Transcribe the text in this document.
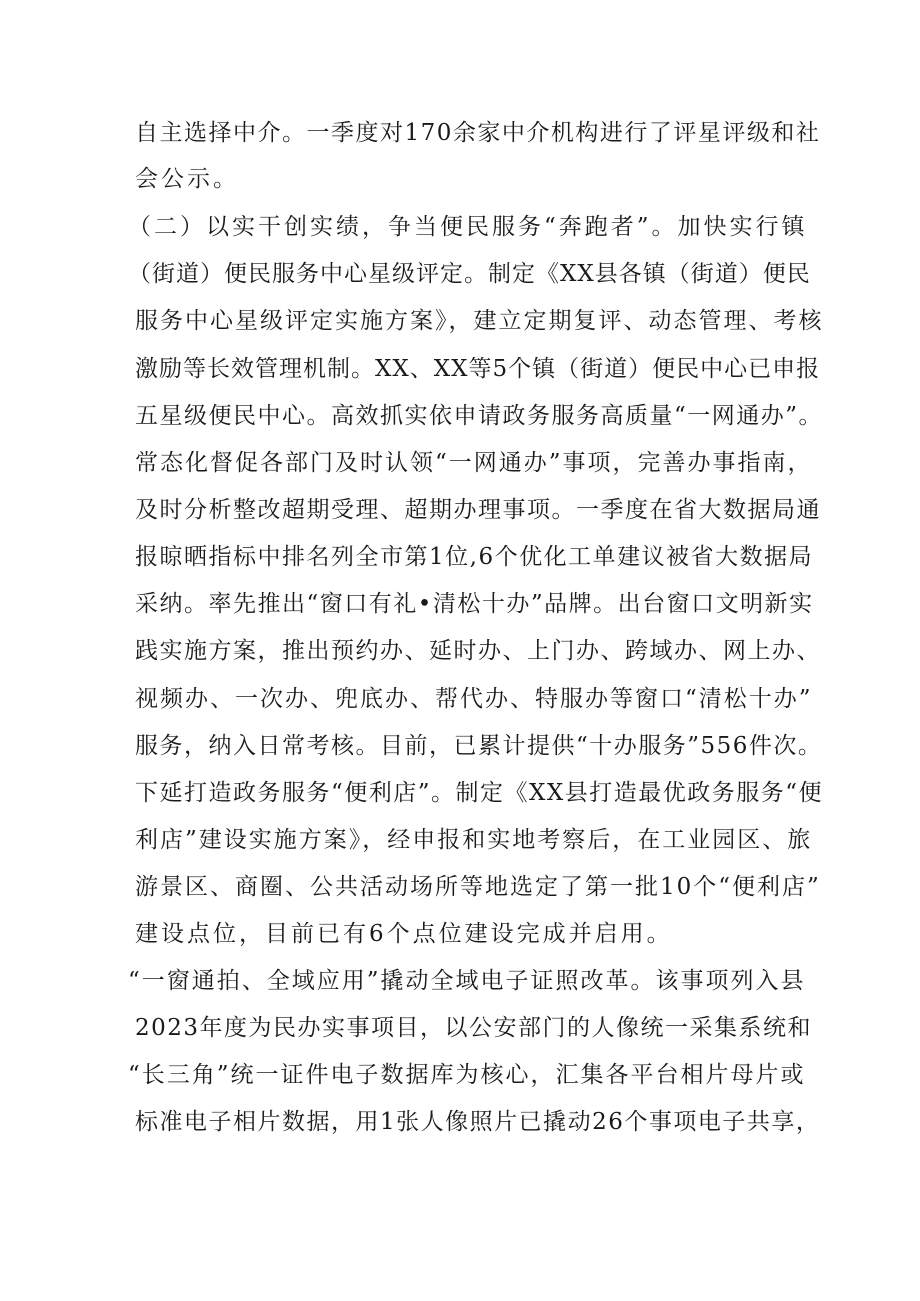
自主选择中介。一季度对170余家中介机构进行了评星评级和社
会公示。
（二）以实干创实绩，争当便民服务“奔跑者”。加快实行镇
（街道）便民服务中心星级评定。制定《XX县各镇（街道）便民
服务中心星级评定实施方案》，建立定期复评、动态管理、考核
激励等长效管理机制。XX、XX等5个镇（街道）便民中心已申报
五星级便民中心。高效抓实依申请政务服务高质量“一网通办”。
常态化督促各部门及时认领“一网通办”事项，完善办事指南，
及时分析整改超期受理、超期办理事项。一季度在省大数据局通
报晾晒指标中排名列全市第1位,6个优化工单建议被省大数据局
采纳。率先推出“窗口有礼•清松十办”品牌。出台窗口文明新实
践实施方案，推出预约办、延时办、上门办、跨域办、网上办、
视频办、一次办、兜底办、帮代办、特服办等窗口“清松十办”
服务，纳入日常考核。目前，已累计提供“十办服务”556件次。
下延打造政务服务“便利店”。制定《XX县打造最优政务服务“便
利店”建设实施方案》，经申报和实地考察后，在工业园区、旅
游景区、商圈、公共活动场所等地选定了第一批10个“便利店”
建设点位，目前已有6个点位建设完成并启用。
“一窗通拍、全域应用”撬动全域电子证照改革。该事项列入县
2023年度为民办实事项目，以公安部门的人像统一采集系统和
“长三角”统一证件电子数据库为核心，汇集各平台相片母片或
标准电子相片数据，用1张人像照片已撬动26个事项电子共享，
